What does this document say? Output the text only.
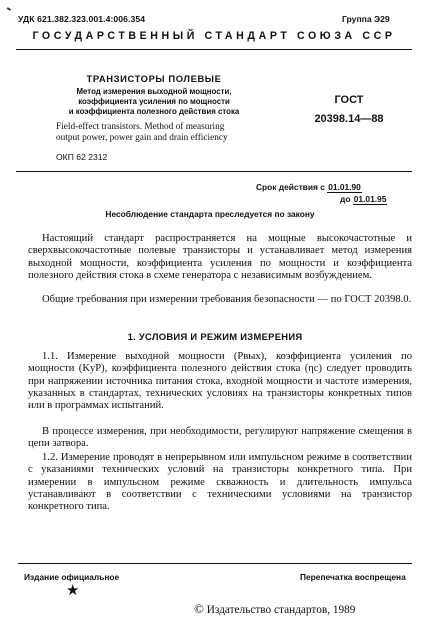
УДК 621.382.323.001.4:006.354	Группа Э29
ГОСУДАРСТВЕННЫЙ СТАНДАРТ СОЮЗА ССР
ТРАНЗИСТОРЫ ПОЛЕВЫЕ
Метод измерения выходной мощности,
коэффициента усиления по мощности
и коэффициента полезного действия стока
Field-effect transistors. Method of measuring
output power, power gain and drain efficiency
ОКП 62 2312
ГОСТ
20398.14—88
Срок действия с 01.01.90
до 01.01.95
Несоблюдение стандарта преследуется по закону

Настоящий стандарт распространяется на мощные высокочастотные и сверхвысокочастотные полевые транзисторы и устанавливает метод измерения выходной мощности, коэффициента усиления по мощности и коэффициента полезного действия стока в схеме генератора с независимым возбуждением.

Общие требования при измерении требования безопасности — по ГОСТ 20398.0.

1. УСЛОВИЯ И РЕЖИМ ИЗМЕРЕНИЯ

1.1. Измерение выходной мощности (Pвых), коэффициента усиления по мощности (KуР), коэффициента полезного действия стока (ηс) следует проводить при напряжении источника питания стока, входной мощности и частоте измерения, указанных в стандартах, технических условиях на транзисторы конкретных типов или в программах испытаний.

В процессе измерения, при необходимости, регулируют напряжение смещения в цепи затвора.

1.2. Измерение проводят в непрерывном или импульсном режиме в соответствии с указаниями технических условий на транзисторы конкретного типа. При измерении в импульсном режиме скважность и длительность импульса устанавливают в соответствии с техническими условиями на транзистор конкретного типа.

Издание официальное	Перепечатка воспрещена
★
© Издательство стандартов, 1989
